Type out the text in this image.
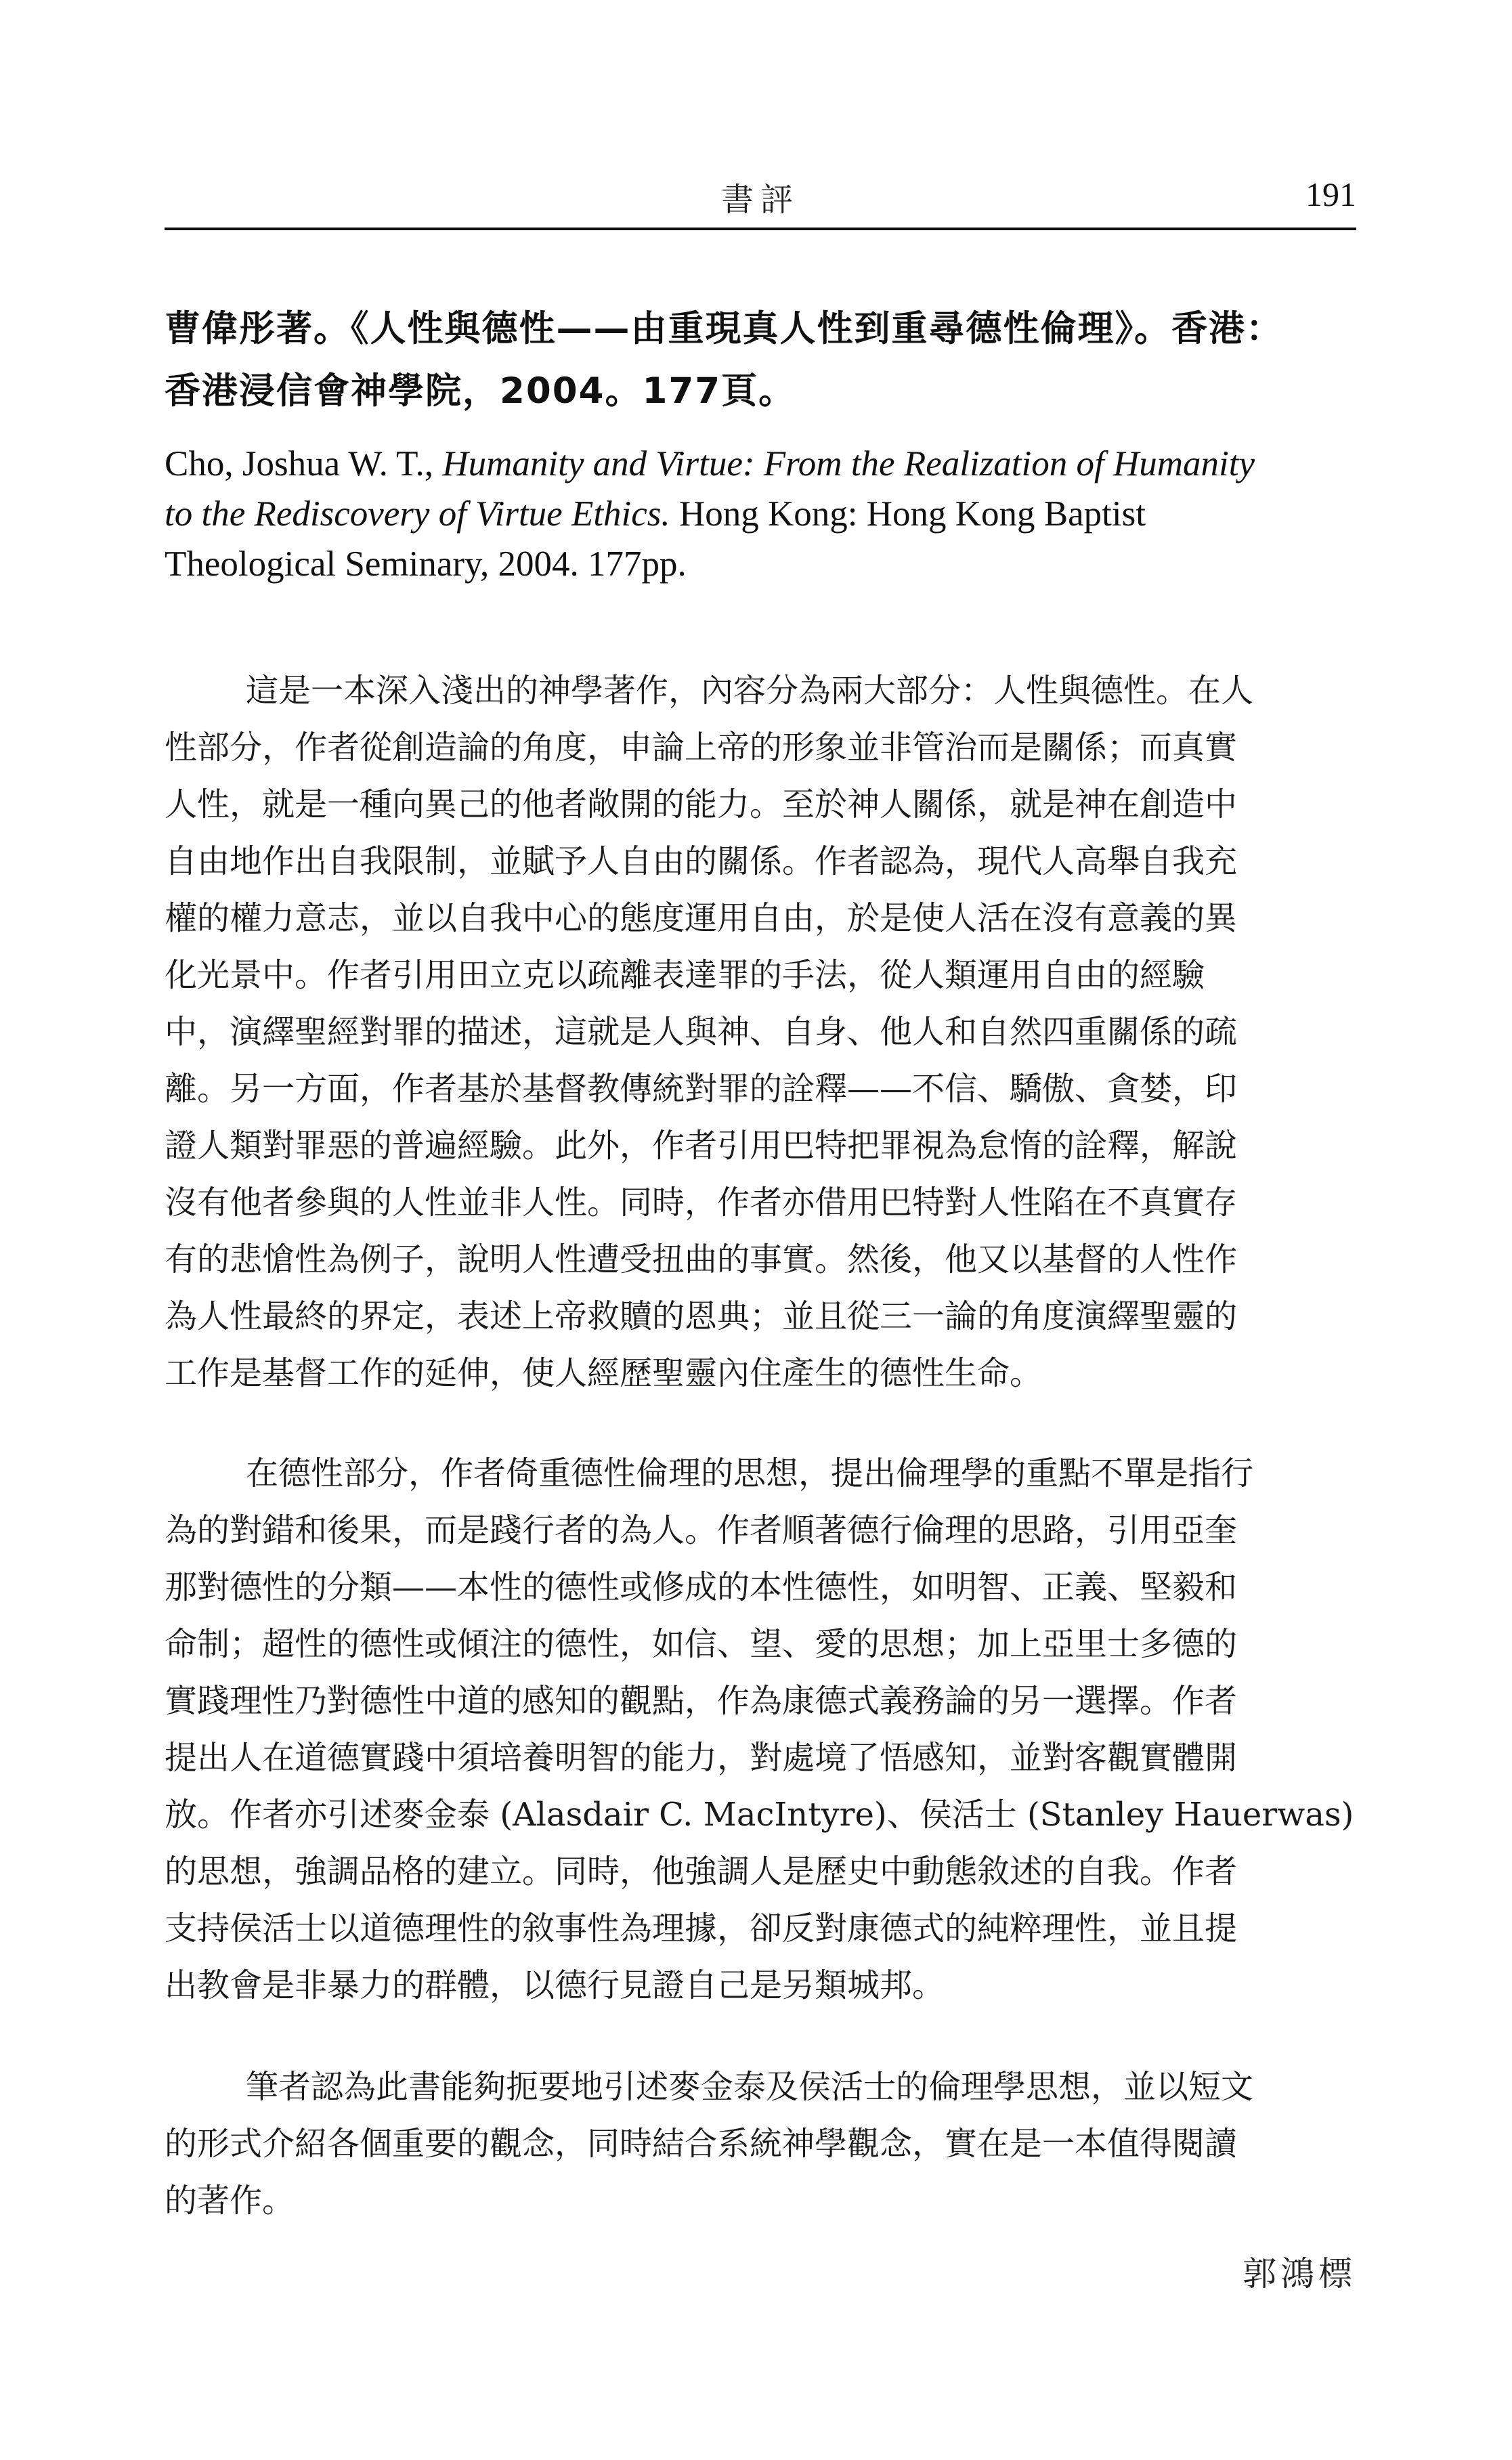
書評	191
曹偉彤著。《人性與德性——由重現真人性到重尋德性倫理》。香港：
香港浸信會神學院，2004。177頁。
Cho, Joshua W. T., Humanity and Virtue: From the Realization of Humanity
to the Rediscovery of Virtue Ethics. Hong Kong: Hong Kong Baptist
Theological Seminary, 2004. 177pp.
這是一本深入淺出的神學著作，內容分為兩大部分：人性與德性。在人
性部分，作者從創造論的角度，申論上帝的形象並非管治而是關係；而真實
人性，就是一種向異己的他者敞開的能力。至於神人關係，就是神在創造中
自由地作出自我限制，並賦予人自由的關係。作者認為，現代人高舉自我充
權的權力意志，並以自我中心的態度運用自由，於是使人活在沒有意義的異
化光景中。作者引用田立克以疏離表達罪的手法，從人類運用自由的經驗
中，演繹聖經對罪的描述，這就是人與神、自身、他人和自然四重關係的疏
離。另一方面，作者基於基督教傳統對罪的詮釋——不信、驕傲、貪婪，印
證人類對罪惡的普遍經驗。此外，作者引用巴特把罪視為怠惰的詮釋，解說
沒有他者參與的人性並非人性。同時，作者亦借用巴特對人性陷在不真實存
有的悲愴性為例子，說明人性遭受扭曲的事實。然後，他又以基督的人性作
為人性最終的界定，表述上帝救贖的恩典；並且從三一論的角度演繹聖靈的
工作是基督工作的延伸，使人經歷聖靈內住產生的德性生命。
在德性部分，作者倚重德性倫理的思想，提出倫理學的重點不單是指行
為的對錯和後果，而是踐行者的為人。作者順著德行倫理的思路，引用亞奎
那對德性的分類——本性的德性或修成的本性德性，如明智、正義、堅毅和
命制；超性的德性或傾注的德性，如信、望、愛的思想；加上亞里士多德的
實踐理性乃對德性中道的感知的觀點，作為康德式義務論的另一選擇。作者
提出人在道德實踐中須培養明智的能力，對處境了悟感知，並對客觀實體開
放。作者亦引述麥金泰 (Alasdair C. MacIntyre)、侯活士 (Stanley Hauerwas)
的思想，強調品格的建立。同時，他強調人是歷史中動態敘述的自我。作者
支持侯活士以道德理性的敘事性為理據，卻反對康德式的純粹理性，並且提
出教會是非暴力的群體，以德行見證自己是另類城邦。
筆者認為此書能夠扼要地引述麥金泰及侯活士的倫理學思想，並以短文
的形式介紹各個重要的觀念，同時結合系統神學觀念，實在是一本值得閱讀
的著作。
郭鴻標
